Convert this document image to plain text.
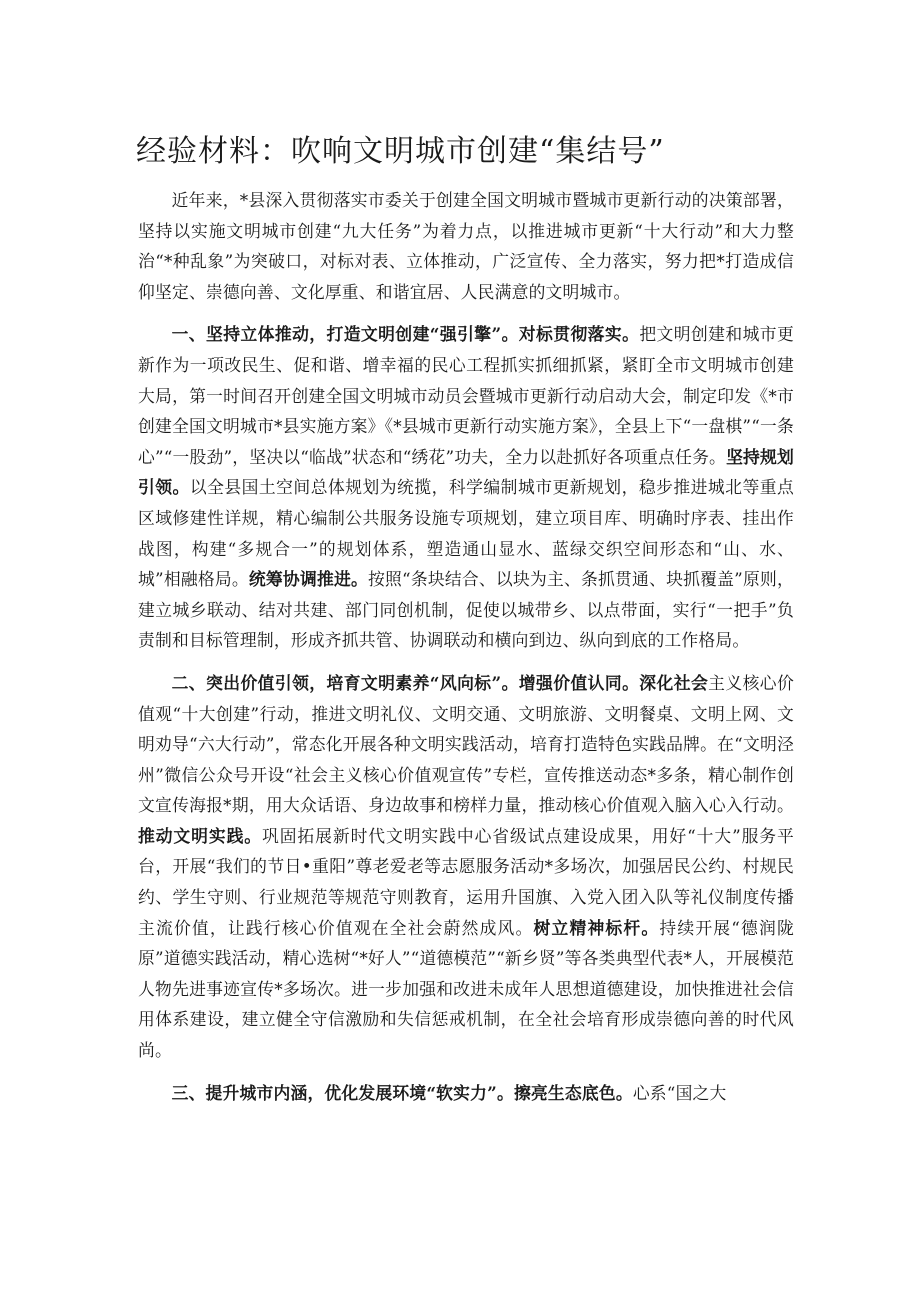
经验材料：吹响文明城市创建“集结号”

近年来，*县深入贯彻落实市委关于创建全国文明城市暨城市更新行动的决策部署，坚持以实施文明城市创建“九大任务”为着力点，以推进城市更新“十大行动”和大力整治“*种乱象”为突破口，对标对表、立体推动，广泛宣传、全力落实，努力把*打造成信仰坚定、崇德向善、文化厚重、和谐宜居、人民满意的文明城市。

一、坚持立体推动，打造文明创建“强引擎”。对标贯彻落实。把文明创建和城市更新作为一项改民生、促和谐、增幸福的民心工程抓实抓细抓紧，紧盯全市文明城市创建大局，第一时间召开创建全国文明城市动员会暨城市更新行动启动大会，制定印发《*市创建全国文明城市*县实施方案》《*县城市更新行动实施方案》，全县上下“一盘棋”“一条心”“一股劲”，坚决以“临战”状态和“绣花”功夫，全力以赴抓好各项重点任务。坚持规划引领。以全县国土空间总体规划为统揽，科学编制城市更新规划，稳步推进城北等重点区域修建性详规，精心编制公共服务设施专项规划，建立项目库、明确时序表、挂出作战图，构建“多规合一”的规划体系，塑造通山显水、蓝绿交织空间形态和“山、水、城”相融格局。统筹协调推进。按照“条块结合、以块为主、条抓贯通、块抓覆盖”原则，建立城乡联动、结对共建、部门同创机制，促使以城带乡、以点带面，实行“一把手”负责制和目标管理制，形成齐抓共管、协调联动和横向到边、纵向到底的工作格局。

二、突出价值引领，培育文明素养“风向标”。增强价值认同。深化社会主义核心价值观“十大创建”行动，推进文明礼仪、文明交通、文明旅游、文明餐桌、文明上网、文明劝导“六大行动”，常态化开展各种文明实践活动，培育打造特色实践品牌。在“文明泾州”微信公众号开设“社会主义核心价值观宣传”专栏，宣传推送动态*多条，精心制作创文宣传海报*期，用大众话语、身边故事和榜样力量，推动核心价值观入脑入心入行动。推动文明实践。巩固拓展新时代文明实践中心省级试点建设成果，用好“十大”服务平台，开展“我们的节日•重阳”尊老爱老等志愿服务活动*多场次，加强居民公约、村规民约、学生守则、行业规范等规范守则教育，运用升国旗、入党入团入队等礼仪制度传播主流价值，让践行核心价值观在全社会蔚然成风。树立精神标杆。持续开展“德润陇原”道德实践活动，精心选树“*好人”“道德模范”“新乡贤”等各类典型代表*人，开展模范人物先进事迹宣传*多场次。进一步加强和改进未成年人思想道德建设，加快推进社会信用体系建设，建立健全守信激励和失信惩戒机制，在全社会培育形成崇德向善的时代风尚。

三、提升城市内涵，优化发展环境“软实力”。擦亮生态底色。心系“国之大
